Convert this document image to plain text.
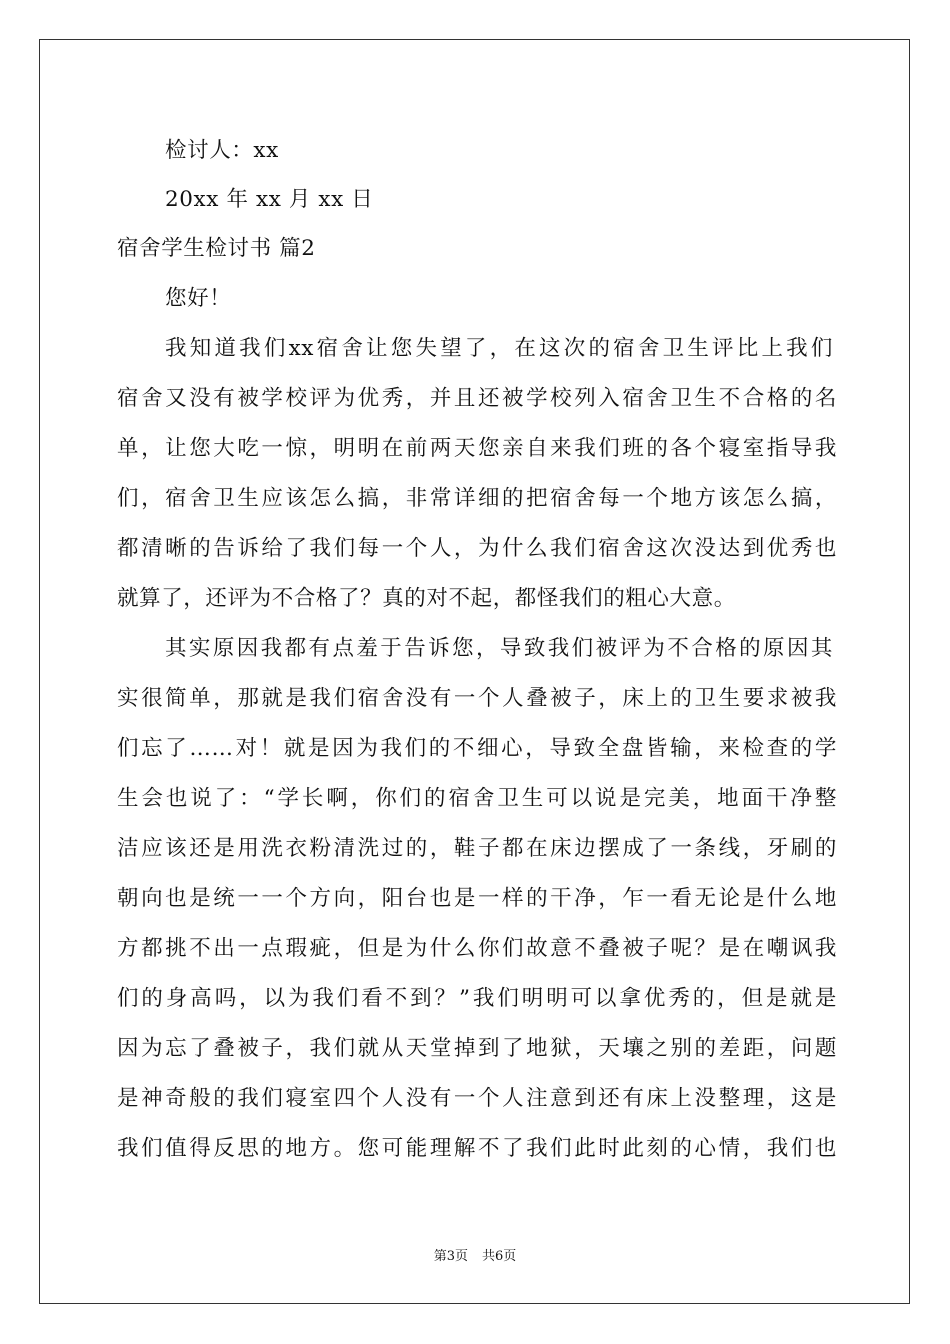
检讨人：xx
20xx 年 xx 月 xx 日
宿舍学生检讨书 篇2
您好！
我知道我们xx宿舍让您失望了，在这次的宿舍卫生评比上我们
宿舍又没有被学校评为优秀，并且还被学校列入宿舍卫生不合格的名
单，让您大吃一惊，明明在前两天您亲自来我们班的各个寝室指导我
们，宿舍卫生应该怎么搞，非常详细的把宿舍每一个地方该怎么搞，
都清晰的告诉给了我们每一个人，为什么我们宿舍这次没达到优秀也
就算了，还评为不合格了？真的对不起，都怪我们的粗心大意。
其实原因我都有点羞于告诉您，导致我们被评为不合格的原因其
实很简单，那就是我们宿舍没有一个人叠被子，床上的卫生要求被我
们忘了……对！就是因为我们的不细心，导致全盘皆输，来检查的学
生会也说了：“学长啊，你们的宿舍卫生可以说是完美，地面干净整
洁应该还是用洗衣粉清洗过的，鞋子都在床边摆成了一条线，牙刷的
朝向也是统一一个方向，阳台也是一样的干净，乍一看无论是什么地
方都挑不出一点瑕疵，但是为什么你们故意不叠被子呢？是在嘲讽我
们的身高吗，以为我们看不到？”我们明明可以拿优秀的，但是就是
因为忘了叠被子，我们就从天堂掉到了地狱，天壤之别的差距，问题
是神奇般的我们寝室四个人没有一个人注意到还有床上没整理，这是
我们值得反思的地方。您可能理解不了我们此时此刻的心情，我们也
第3页 共6页
